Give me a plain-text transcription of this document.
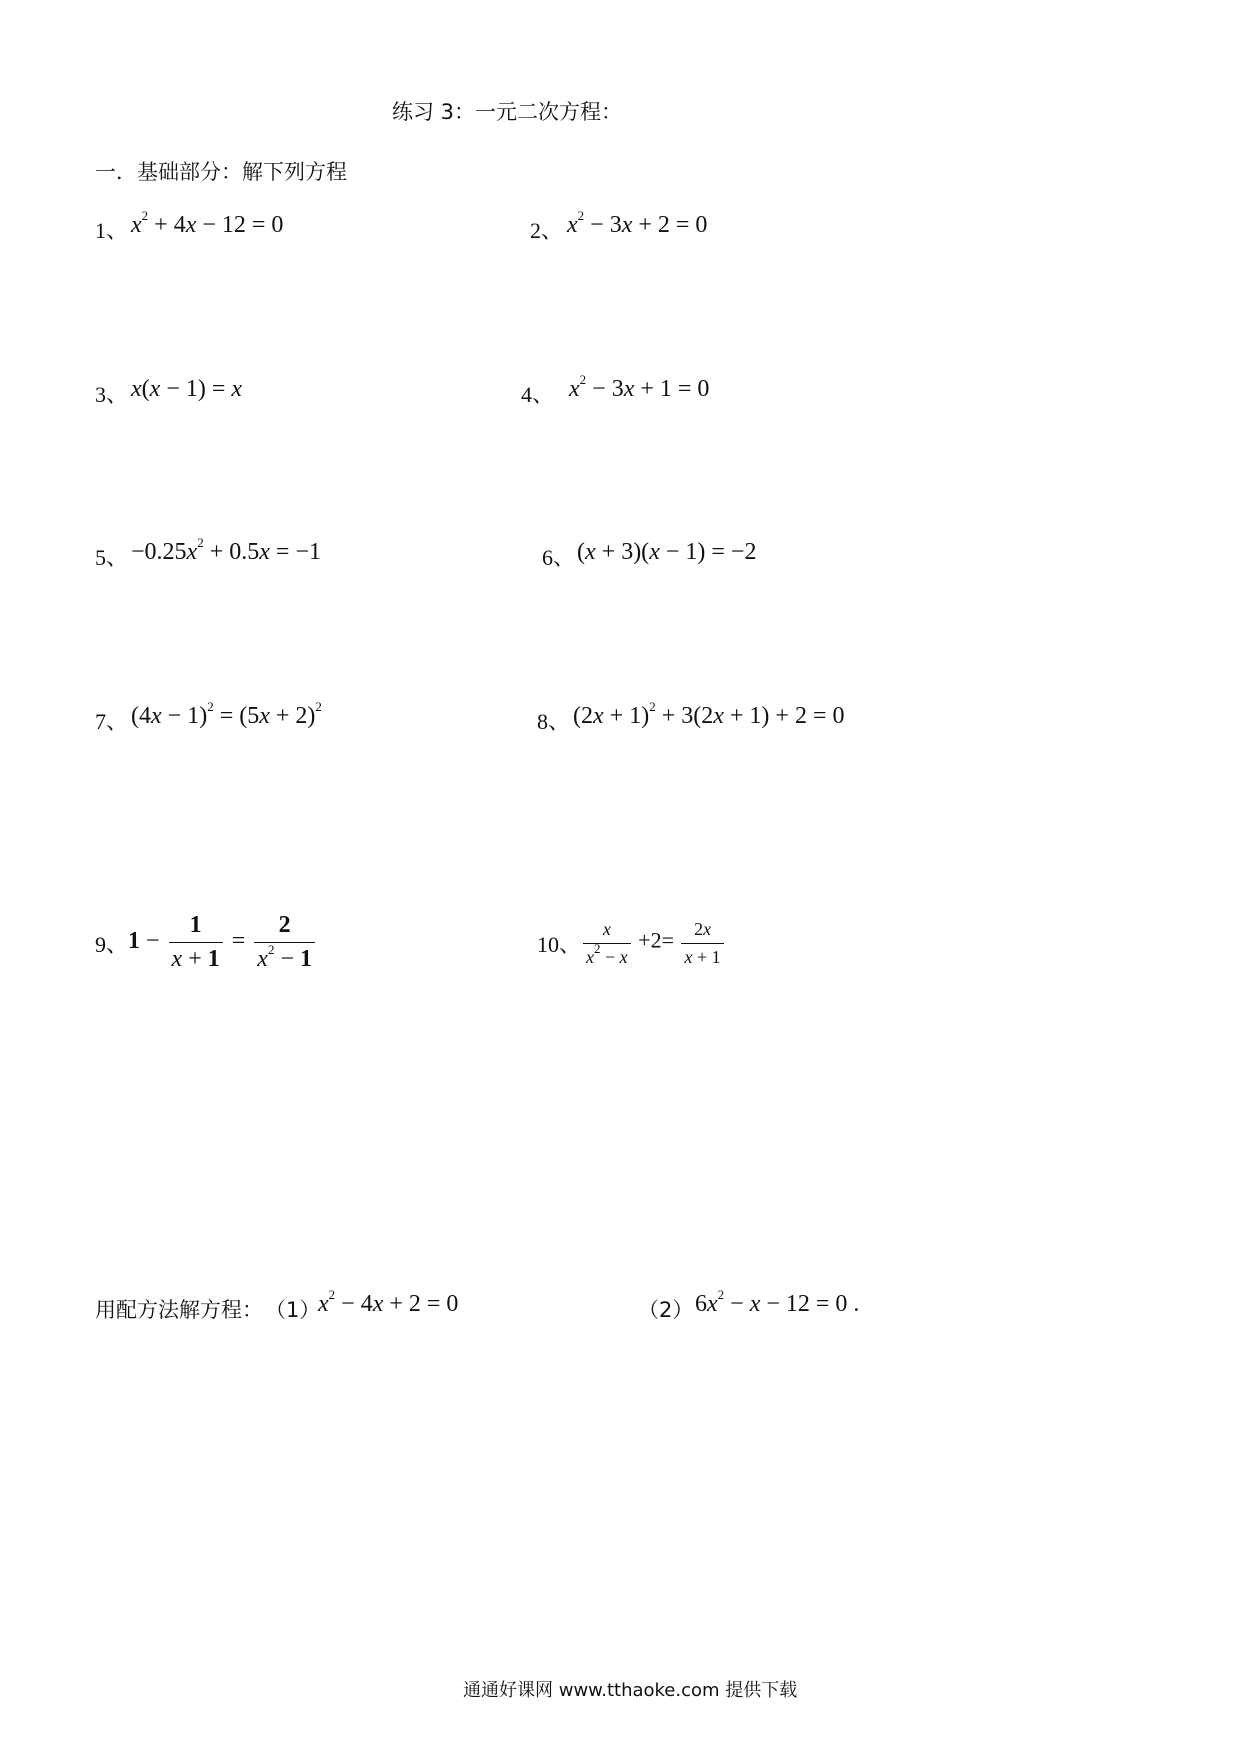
练习 3：一元二次方程：
一．基础部分：解下列方程
1、 $x^2 + 4x - 12 = 0$	2、 $x^2 - 3x + 2 = 0$
3、 x(x − 1) = x	4、 $x^2 - 3x + 1 = 0$
5、 $-0.25x^2 + 0.5x = -1$	6、 (x + 3)(x − 1) = −2
7、 $(4x - 1)^2 = (5x + 2)^2$
8、 $(2x + 1)^2 + 3(2x + 1) + 2 = 0$
9、 $1 - \frac{1}{x + 1} = \frac{2}{x^2 - 1}$	10、 $\frac{x}{x^2 - x} +2= \frac{2x}{x + 1}$
用配方法解方程： （1）
$x^2 - 4x + 2 = 0$	（2） $6x^2 - x - 12 = 0$ .
通通好课网 www.tthaoke.com 提供下载
